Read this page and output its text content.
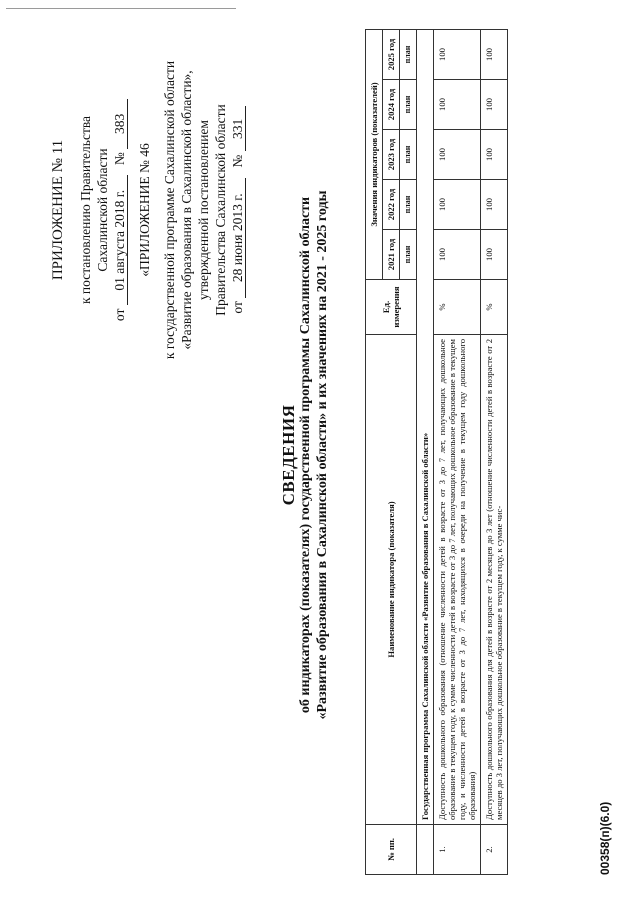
ПРИЛОЖЕНИЕ № 11 к постановлению Правительства Сахалинской области
от 01 августа 2018 г.   № 383
«ПРИЛОЖЕНИЕ № 46 к государственной программе Сахалинской области «Развитие образования в Сахалинской области», утвержденной постановлением Правительства Сахалинской области от 28 июня 2013 г.   № 331
СВЕДЕНИЯ об индикаторах (показателях) государственной программы Сахалинской области «Развитие образования в Сахалинской области» и их значениях на 2021 - 2025 годы
№ пп.	Наименование индикатора (показателя)	Ед. измерения	Значения индикаторов (показателей)				
			2021 год	2022 год	2023 год	2024 год	2025 год
			план	план	план	план	план
	Государственная программа Сахалинской области «Развитие образования в Сахалинской области»						
1.	Доступность дошкольного образования (отношение численности детей в возрасте от 3 до 7 лет, получающих дошкольное образование в текущем году, к сумме численности детей в возрасте от 3 до 7 лет, получающих дошкольное образование в текущем году, и численности детей в возрасте от 3 до 7 лет, находящихся в очереди на получение в текущем году дошкольного образования)	%	100	100	100	100	100
2.	Доступность дошкольного образования для детей в возрасте от 2 месяцев до 3 лет (отношение численности детей в возрасте от 2 месяцев до 3 лет, получающих дошкольное образование в текущем году, к сумме чис-	%	100	100	100	100	100
00358(п)(6.0)
